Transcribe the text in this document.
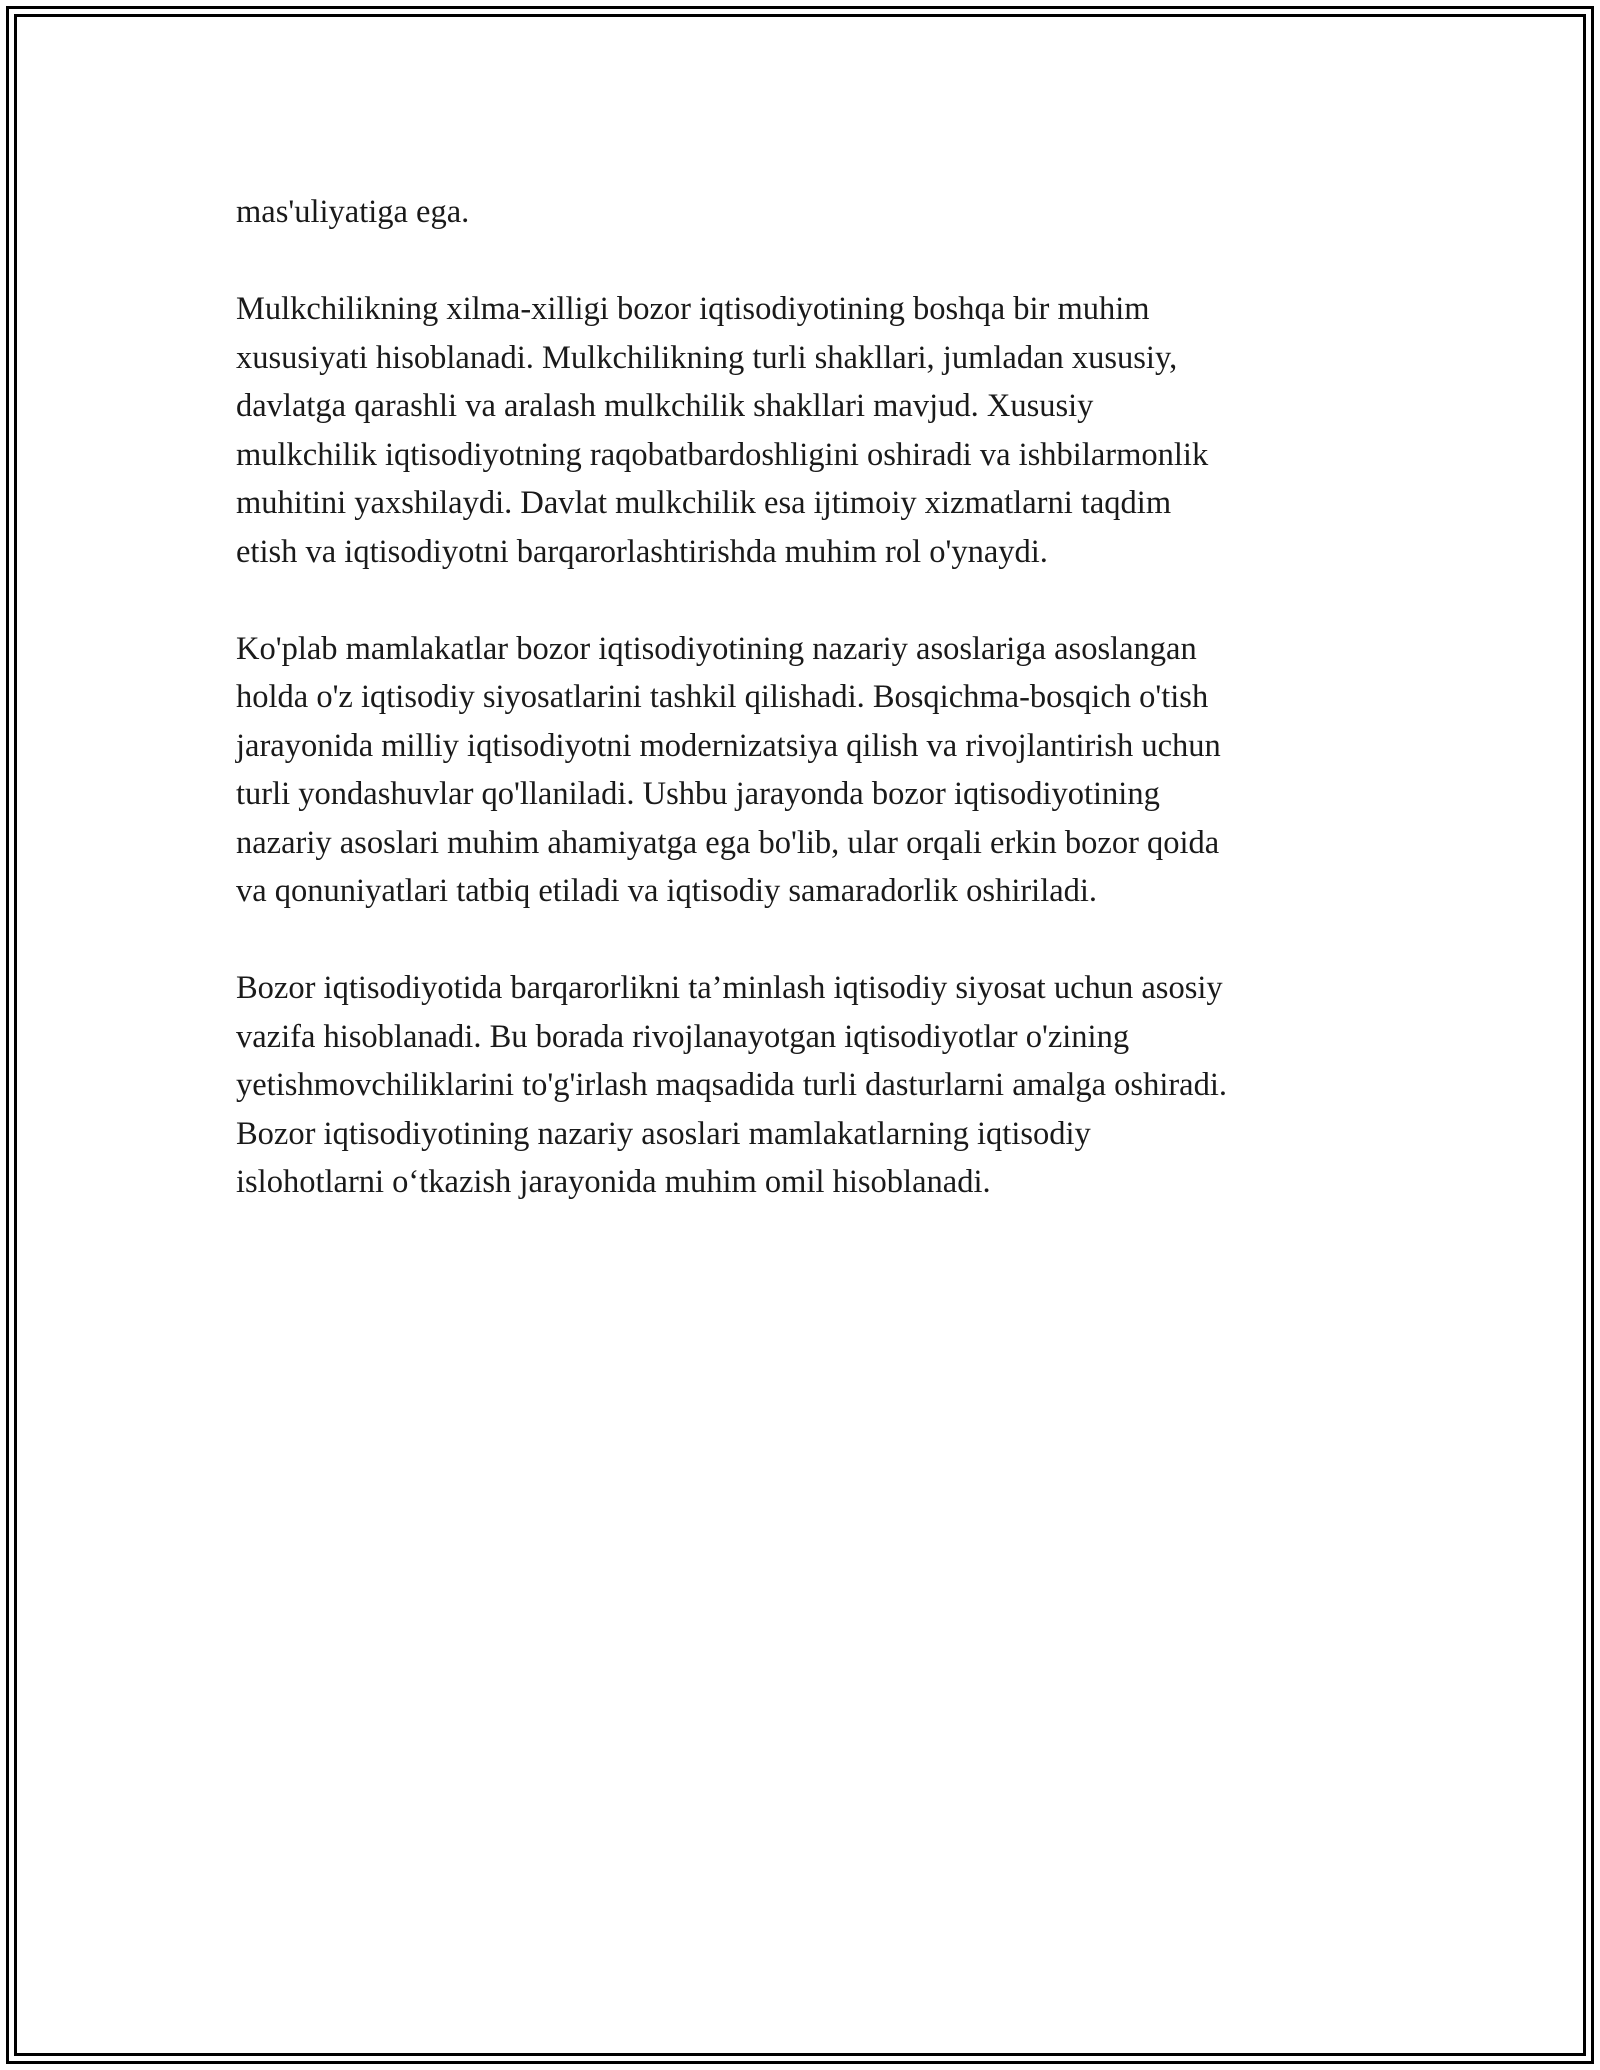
mas'uliyatiga ega.

Mulkchilikning xilma-xilligi bozor iqtisodiyotining boshqa bir muhim
xususiyati hisoblanadi. Mulkchilikning turli shakllari, jumladan xususiy,
davlatga qarashli va aralash mulkchilik shakllari mavjud. Xususiy
mulkchilik iqtisodiyotning raqobatbardoshligini oshiradi va ishbilarmonlik
muhitini yaxshilaydi. Davlat mulkchilik esa ijtimoiy xizmatlarni taqdim
etish va iqtisodiyotni barqarorlashtirishda muhim rol o'ynaydi.

Ko'plab mamlakatlar bozor iqtisodiyotining nazariy asoslariga asoslangan
holda o'z iqtisodiy siyosatlarini tashkil qilishadi. Bosqichma-bosqich o'tish
jarayonida milliy iqtisodiyotni modernizatsiya qilish va rivojlantirish uchun
turli yondashuvlar qo'llaniladi. Ushbu jarayonda bozor iqtisodiyotining
nazariy asoslari muhim ahamiyatga ega bo'lib, ular orqali erkin bozor qoida
va qonuniyatlari tatbiq etiladi va iqtisodiy samaradorlik oshiriladi.

Bozor iqtisodiyotida barqarorlikni ta’minlash iqtisodiy siyosat uchun asosiy
vazifa hisoblanadi. Bu borada rivojlanayotgan iqtisodiyotlar o'zining
yetishmovchiliklarini to'g'irlash maqsadida turli dasturlarni amalga oshiradi.
Bozor iqtisodiyotining nazariy asoslari mamlakatlarning iqtisodiy
islohotlarni o‘tkazish jarayonida muhim omil hisoblanadi.
